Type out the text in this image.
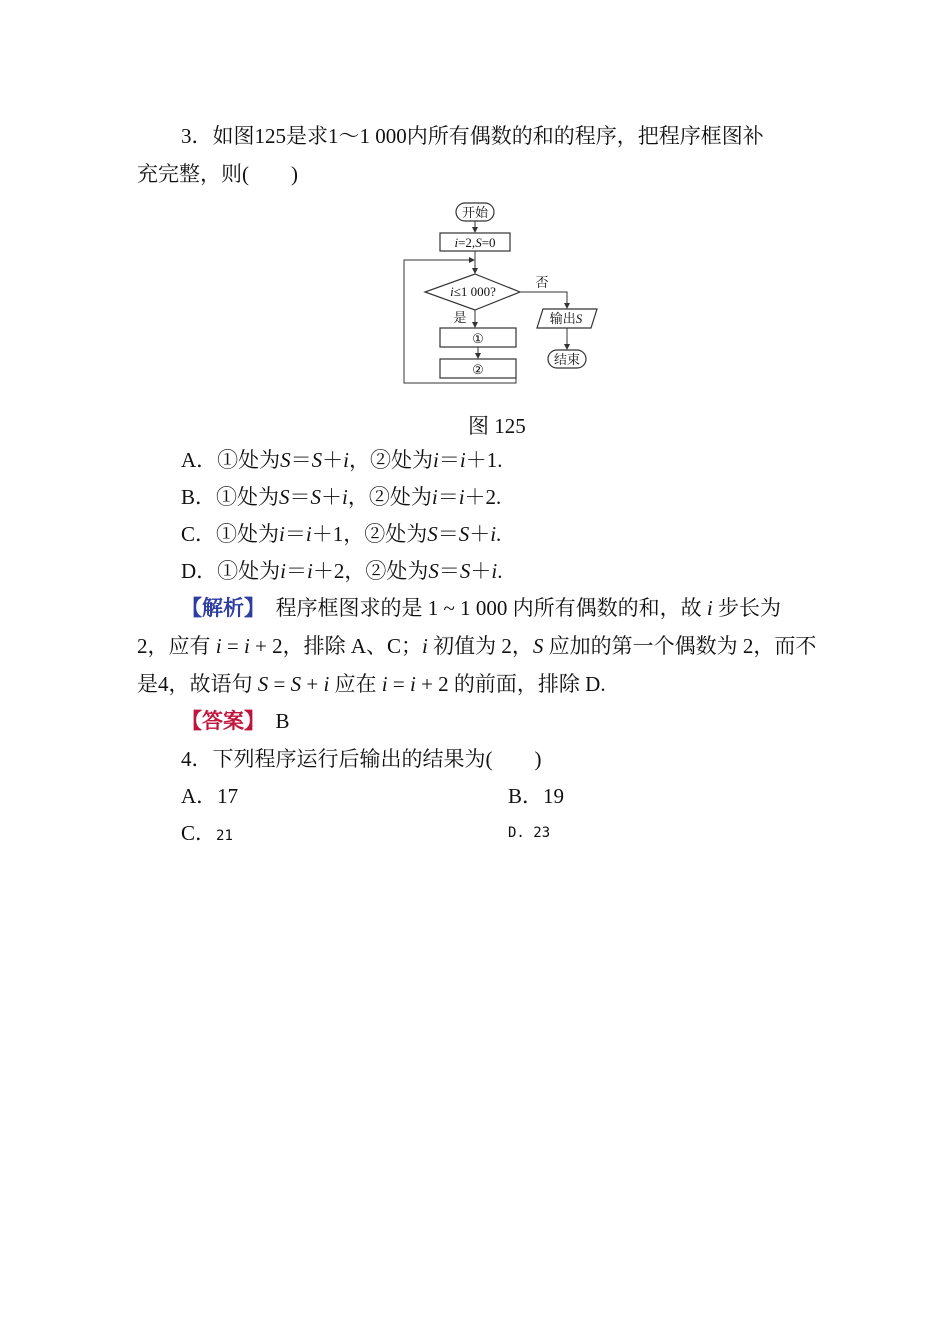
3．如图125是求1～1 000内所有偶数的和的程序，把程序框图补
充完整，则(　　)
开始
i=2,S=0
i≤1 000?
否
输出S
结束
是
①
②
图 125
A．①处为S＝S＋i，②处为i＝i＋1.
B．①处为S＝S＋i，②处为i＝i＋2.
C．①处为i＝i＋1，②处为S＝S＋i.
D．①处为i＝i＋2，②处为S＝S＋i.
【解析】　程序框图求的是 1 ~ 1 000 内所有偶数的和，故 i 步长为
2，应有 i = i + 2，排除 A、C；i 初值为 2，S 应加的第一个偶数为 2，而不
是4，故语句 S = S + i 应在 i = i + 2 的前面，排除 D.
【答案】　B
4．下列程序运行后输出的结果为(　　)
A．17	B．19
C．21	D. 23
